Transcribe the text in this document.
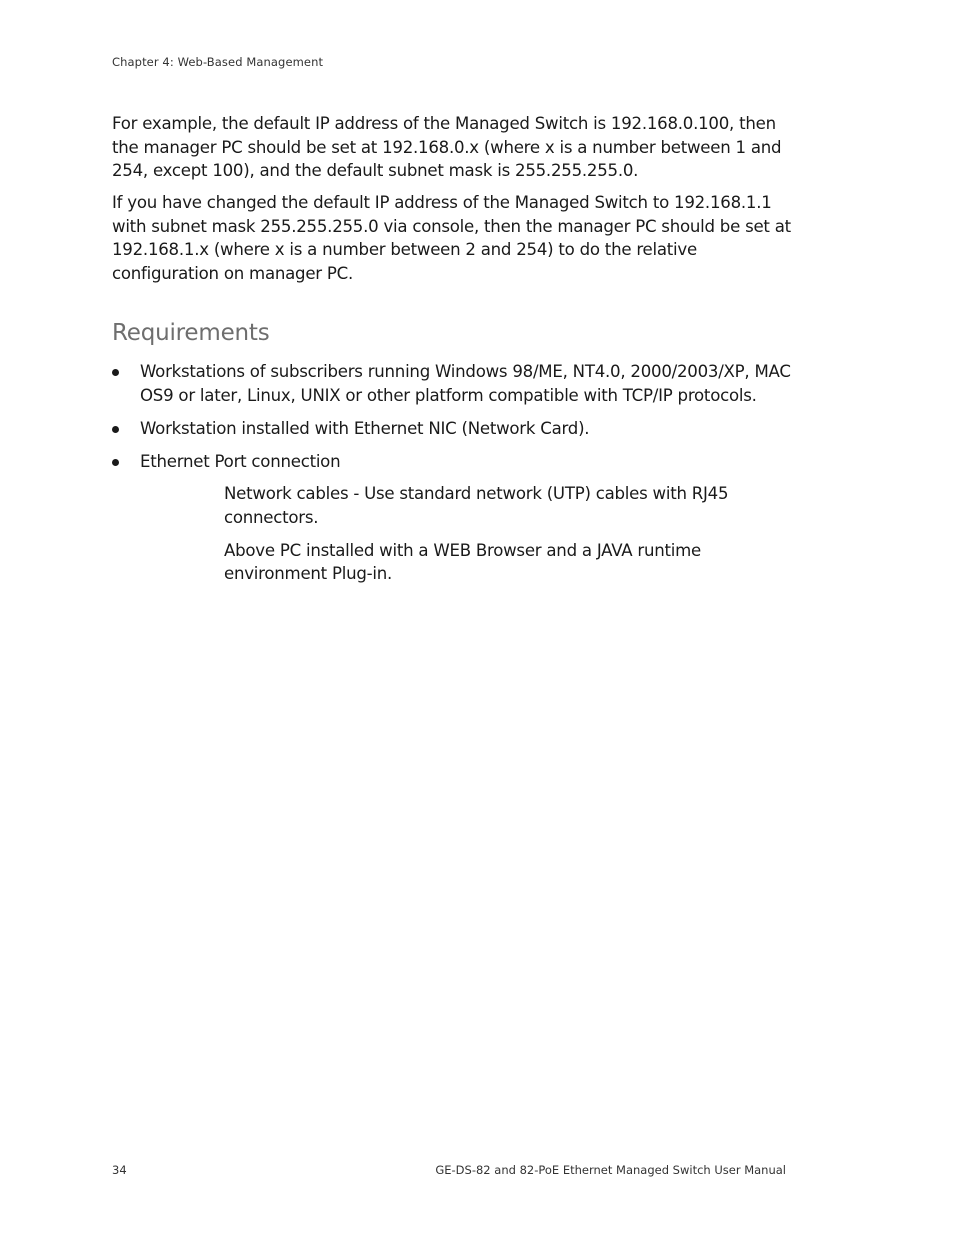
Chapter 4: Web-Based Management

For example, the default IP address of the Managed Switch is 192.168.0.100, then the manager PC should be set at 192.168.0.x (where x is a number between 1 and 254, except 100), and the default subnet mask is 255.255.255.0.

If you have changed the default IP address of the Managed Switch to 192.168.1.1 with subnet mask 255.255.255.0 via console, then the manager PC should be set at 192.168.1.x (where x is a number between 2 and 254) to do the relative configuration on manager PC.

Requirements
Workstations of subscribers running Windows 98/ME, NT4.0, 2000/2003/XP, MAC OS9 or later, Linux, UNIX or other platform compatible with TCP/IP protocols.
Workstation installed with Ethernet NIC (Network Card).
Ethernet Port connection

Network cables - Use standard network (UTP) cables with RJ45 connectors.

Above PC installed with a WEB Browser and a JAVA runtime environment Plug-in.

34	GE-DS-82 and 82-PoE Ethernet Managed Switch User Manual
